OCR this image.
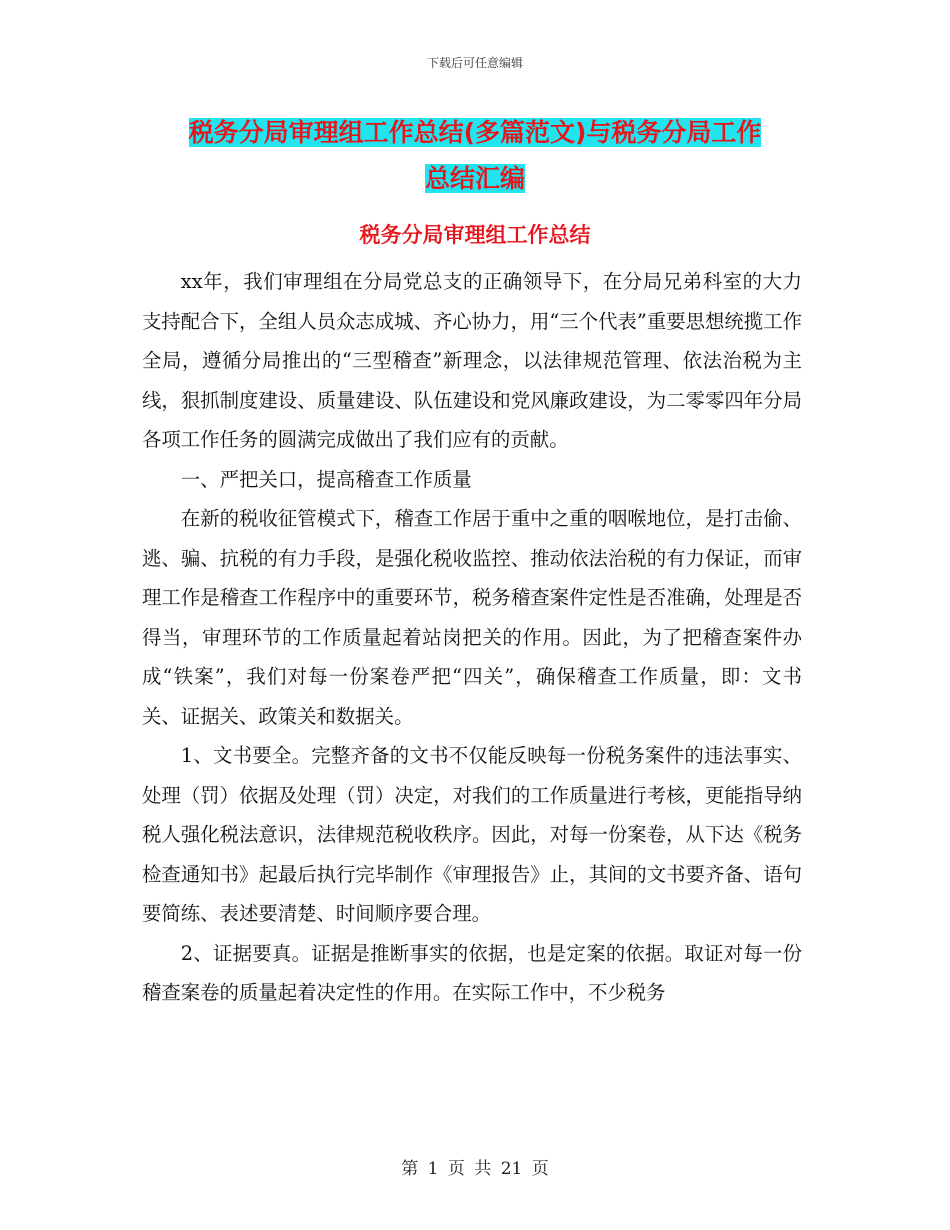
下载后可任意编辑
税务分局审理组工作总结(多篇范文)与税务分局工作
总结汇编
税务分局审理组工作总结

xx年，我们审理组在分局党总支的正确领导下，在分局兄弟科室的大力支持配合下，全组人员众志成城、齐心协力，用“三个代表”重要思想统揽工作全局，遵循分局推出的“三型稽查”新理念，以法律规范管理、依法治税为主线，狠抓制度建设、质量建设、队伍建设和党风廉政建设，为二零零四年分局各项工作任务的圆满完成做出了我们应有的贡献。

一、严把关口，提高稽查工作质量

在新的税收征管模式下，稽查工作居于重中之重的咽喉地位，是打击偷、逃、骗、抗税的有力手段，是强化税收监控、推动依法治税的有力保证，而审理工作是稽查工作程序中的重要环节，税务稽查案件定性是否准确，处理是否得当，审理环节的工作质量起着站岗把关的作用。因此，为了把稽查案件办成“铁案”，我们对每一份案卷严把“四关”，确保稽查工作质量，即：文书关、证据关、政策关和数据关。

1、文书要全。完整齐备的文书不仅能反映每一份税务案件的违法事实、处理（罚）依据及处理（罚）决定，对我们的工作质量进行考核，更能指导纳税人强化税法意识，法律规范税收秩序。因此，对每一份案卷，从下达《税务检查通知书》起最后执行完毕制作《审理报告》止，其间的文书要齐备、语句要简练、表述要清楚、时间顺序要合理。

2、证据要真。证据是推断事实的依据，也是定案的依据。取证对每一份稽查案卷的质量起着决定性的作用。在实际工作中，不少税务

第 1 页 共 21 页
